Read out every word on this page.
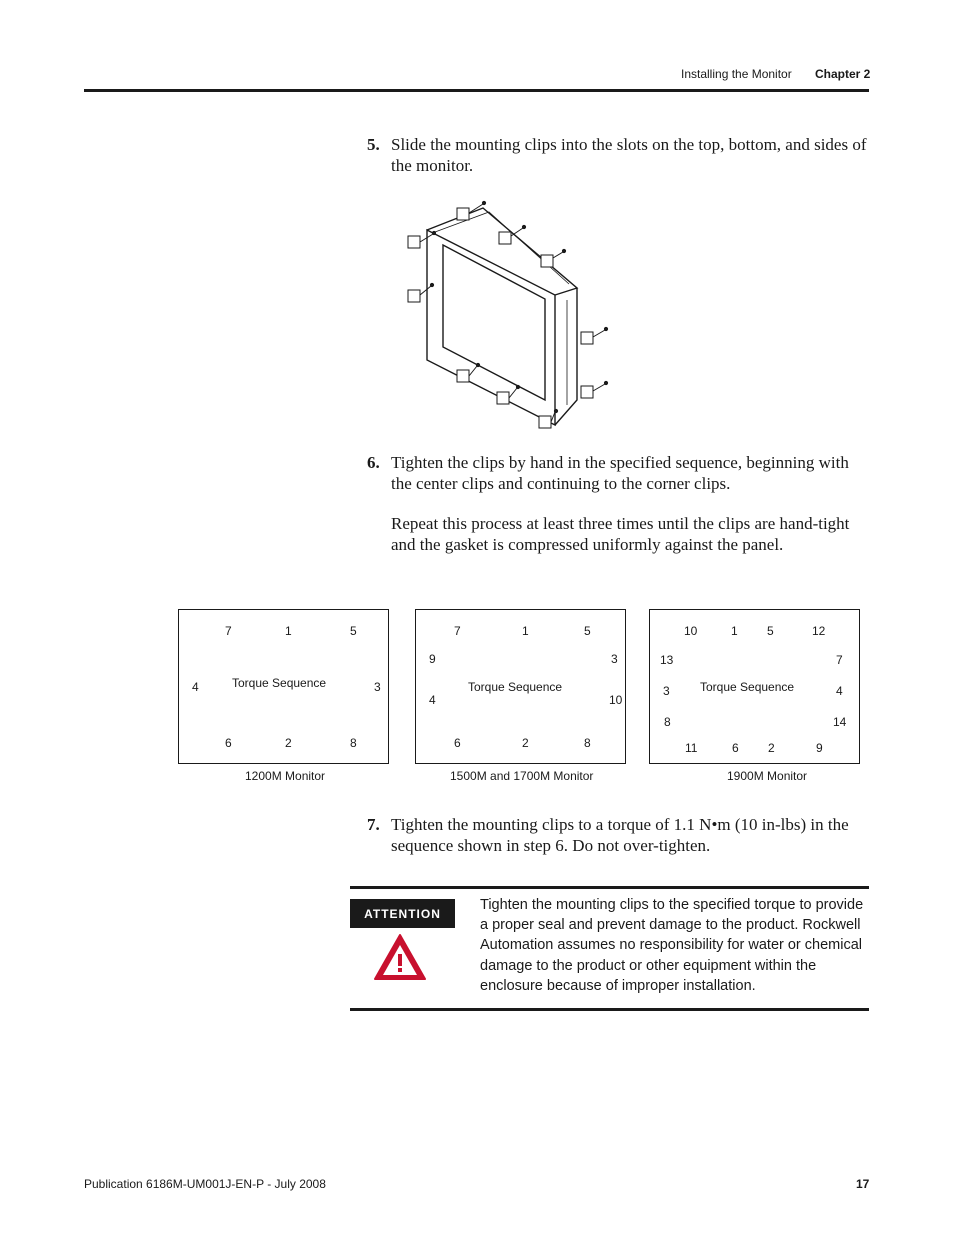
Installing the Monitor Chapter 2
5. Slide the mounting clips into the slots on the top, bottom, and sides of the monitor.
6. Tighten the clips by hand in the specified sequence, beginning with the center clips and continuing to the corner clips.
Repeat this process at least three times until the clips are hand-tight and the gasket is compressed uniformly against the panel.
7	1	5
4	3
6	2	8
Torque Sequence
1200M Monitor
7	1	5
9	3
4	10
6	2	8
Torque Sequence
1500M and 1700M Monitor
10	1 5	12
13	7
3	4
8	14
11	6 2	9
Torque Sequence
1900M Monitor
7. Tighten the mounting clips to a torque of 1.1 N•m (10 in-lbs) in the sequence shown in step 6. Do not over-tighten.
ATTENTION
Tighten the mounting clips to the specified torque to provide a proper seal and prevent damage to the product. Rockwell Automation assumes no responsibility for water or chemical damage to the product or other equipment within the enclosure because of improper installation.
Publication 6186M-UM001J-EN-P - July 2008	17
